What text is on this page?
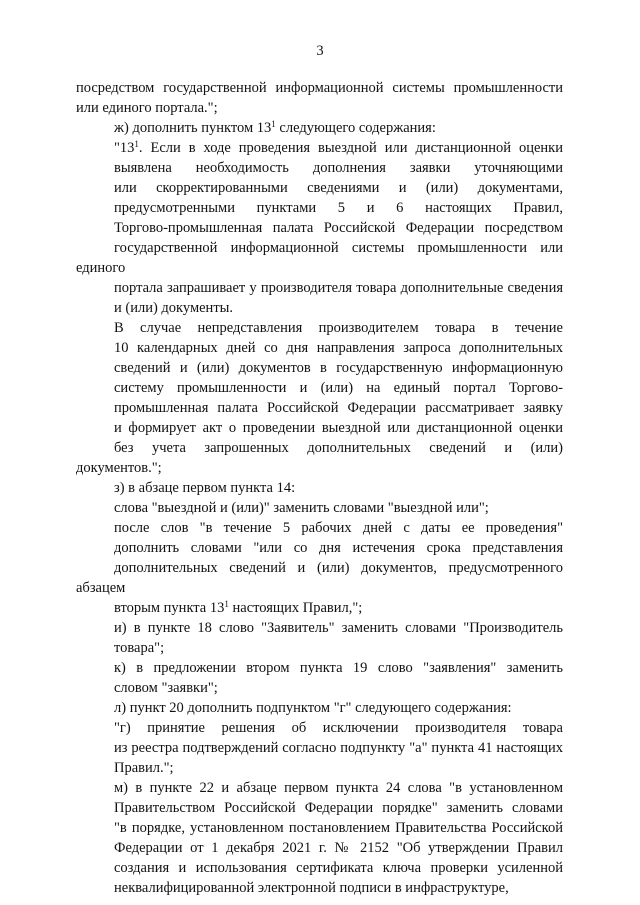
3
посредством государственной информационной системы промышленности
или единого портала.";
ж) дополнить пунктом $13^1$ следующего содержания:
"$13^1$. Если в ходе проведения выездной или дистанционной оценки
выявлена необходимость дополнения заявки уточняющими
или скорректированными сведениями и (или) документами,
предусмотренными пунктами 5 и 6 настоящих Правил,
Торгово-промышленная палата Российской Федерации посредством
государственной информационной системы промышленности или единого
портала запрашивает у производителя товара дополнительные сведения
и (или) документы.
В случае непредставления производителем товара в течение
10 календарных дней со дня направления запроса дополнительных
сведений и (или) документов в государственную информационную
систему промышленности и (или) на единый портал Торгово-
промышленная палата Российской Федерации рассматривает заявку
и формирует акт о проведении выездной или дистанционной оценки
без учета запрошенных дополнительных сведений и (или) документов.";
з) в абзаце первом пункта 14:
слова "выездной и (или)" заменить словами "выездной или";
после слов "в течение 5 рабочих дней с даты ее проведения"
дополнить словами "или со дня истечения срока представления
дополнительных сведений и (или) документов, предусмотренного абзацем
вторым пункта $13^1$ настоящих Правил,";
и) в пункте 18 слово "Заявитель" заменить словами "Производитель
товара";
к) в предложении втором пункта 19 слово "заявления" заменить
словом "заявки";
л) пункт 20 дополнить подпунктом "г" следующего содержания:
"г) принятие решения об исключении производителя товара
из реестра подтверждений согласно подпункту "а" пункта 41 настоящих
Правил.";
м) в пункте 22 и абзаце первом пункта 24 слова "в установленном
Правительством Российской Федерации порядке" заменить словами
"в порядке, установленном постановлением Правительства Российской
Федерации от 1 декабря 2021 г. № 2152 "Об утверждении Правил
создания и использования сертификата ключа проверки усиленной
неквалифицированной электронной подписи в инфраструктуре,
